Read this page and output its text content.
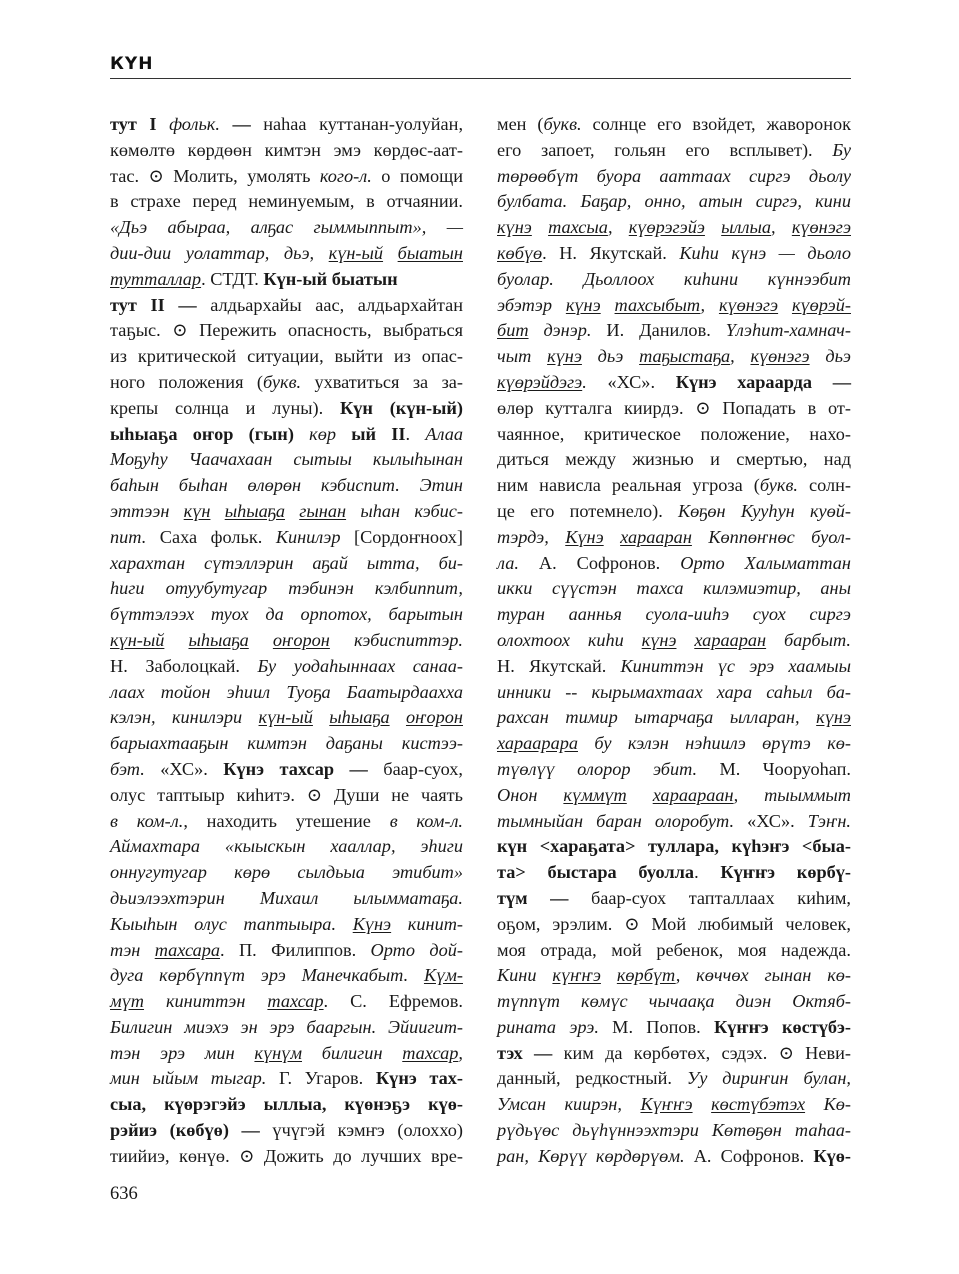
КҮН
тут I фольк. — наһаа куттанан-уолуйан,
көмөлтө көрдөөн кимтэн эмэ көрдөс-аат-
тас. ⊙ Молить, умолять кого-л. о помощи
в страхе перед неминуемым, в отчаянии.
«Дьэ абыраа, алҕас гыммыппыт», —
дии-дии уолаттар, дьэ, күн-ый быатын
тутталлар. СТДТ. Күн-ый быатын
тут II — алдьархайы аас, алдьархайтан
таҕыс. ⊙ Пережить опасность, выбраться
из критической ситуации, выйти из опас-
ного положения (букв. ухватиться за за-
крепы солнца и луны). Күн (күн-ый)
ыһыаҕа оҥор (гын) көр ый II. Алаа
Моҕуһу Чаачахаан сытыы кылыһынан
баһын быһан өлөрөн кэбиспит. Этин
эттээн күн ыһыаҕа гынан ыһан кэбис-
пит. Саха фольк. Кинилэр [Сордоҥноох]
харахтан сүтэллэрин аҕай ытта, би-
һиги отуубутугар тэбинэн кэлбиппит,
бүттэлээх туох да орпотох, барытын
күн-ый ыһыаҕа оҥорон кэбиспиттэр.
Н. Заболоцкай. Бу уодаһыннаах санаа-
лаах тойон эһиил Туоҕа Баатырдаахха
кэлэн, кинилэри күн-ый ыһыаҕа оҥорон
барыахтааҕын кимтэн даҕаны кистээ-
бэт. «ХС». Күнэ тахсар — баар-суох,
олус таптыыр киһитэ. ⊙ Души не чаять
в ком-л., находить утешение в ком-л.
Аймахтара «кыыскын хааллар, эһиги
оннугутугар көрө сылдьыа этибит»
дьиэлээхтэрин Михаил ылымматаҕа.
Кыыһын олус таптыыра. Күнэ кинит-
тэн тахсара. П. Филиппов. Орто дой-
дуга көрбүппүт эрэ Манечкабыт. Күм-
мүт киниттэн тахсар. С. Ефремов.
Билигин миэхэ эн эрэ бааргын. Эйиигит-
тэн эрэ мин күнүм билигин тахсар,
мин ыйым тыгар. Г. Угаров. Күнэ тах-
сыа, күөрэгэйэ ыллыа, күөнэҕэ күө-
рэйиэ (көбүө) — үчүгэй кэмҥэ (олоххо)
тиийиэ, көнүө. ⊙ Дожить до лучших вре-
мен (букв. солнце его взойдет, жаворонок
его запоет, гольян его всплывет). Бу
төрөөбүт буора ааттаах сиргэ дьолу
булбата. Баҕар, онно, атын сиргэ, кини
күнэ тахсыа, күөрэгэйэ ыллыа, күөнэгэ
көбүө. Н. Якутскай. Киһи күнэ — дьоло
буолар. Дьоллоох киһини күннээбит
эбэтэр күнэ тахсыбыт, күөнэгэ күөрэй-
бит дэнэр. И. Данилов. Үлэһит-хамнач-
чыт күнэ дьэ таҕыстаҕа, күөнэгэ дьэ
күөрэйдэгэ. «ХС». Күнэ хараарда —
өлөр кутталга киирдэ. ⊙ Попадать в от-
чаянное, критическое положение, нахо-
диться между жизнью и смертью, над
ним нависла реальная угроза (букв. солн-
це его потемнело). Көҕөн Кууһун куөй-
тэрдэ, Күнэ харааран Көппөҥнөс буол-
ла. А. Софронов. Орто Халыматтан
икки сүүстэн тахса килэмиэтир, аны
туран ааннья суола-ииһэ суох сиргэ
олохтоох киһи күнэ харааран барбыт.
Н. Якутскай. Киниттэн үс эрэ хаамыы
инники -- кырымахтаах хара саһыл ба-
рахсан тимир ытарчаҕа ылларан, күнэ
хараарара бу кэлэн нэһиилэ өрүтэ кө-
түөлүү олорор эбит. М. Чооруоһап.
Онон күммүт хараараан, тыыммыт
тымныйан баран олоробут. «ХС». Тэҥн.
күн <хараҕата> туллара, күһэҥэ <быа-
та> быстара буолла. Күҥҥэ көрбү-
түм — баар-суох тапталлаах киһим,
оҕом, эрэлим. ⊙ Мой любимый человек,
моя отрада, мой ребенок, моя надежда.
Кини күҥҥэ көрбүт, көччөх гынан кө-
түппүт көмүс чычаақа диэн Октяб-
рината эрэ. М. Попов. Күҥҥэ көстүбэ-
тэх — ким да көрбөтөх, сэдэх. ⊙ Неви-
данный, редкостный. Уу дириҥин булан,
Умсан киирэн, Күҥҥэ көстүбэтэх Кө-
рүдьүөс дьүһүннээхтэри Көтөҕөн таһаа-
ран, Көрүү көрдөрүөм. А. Софронов. Күө-
636
